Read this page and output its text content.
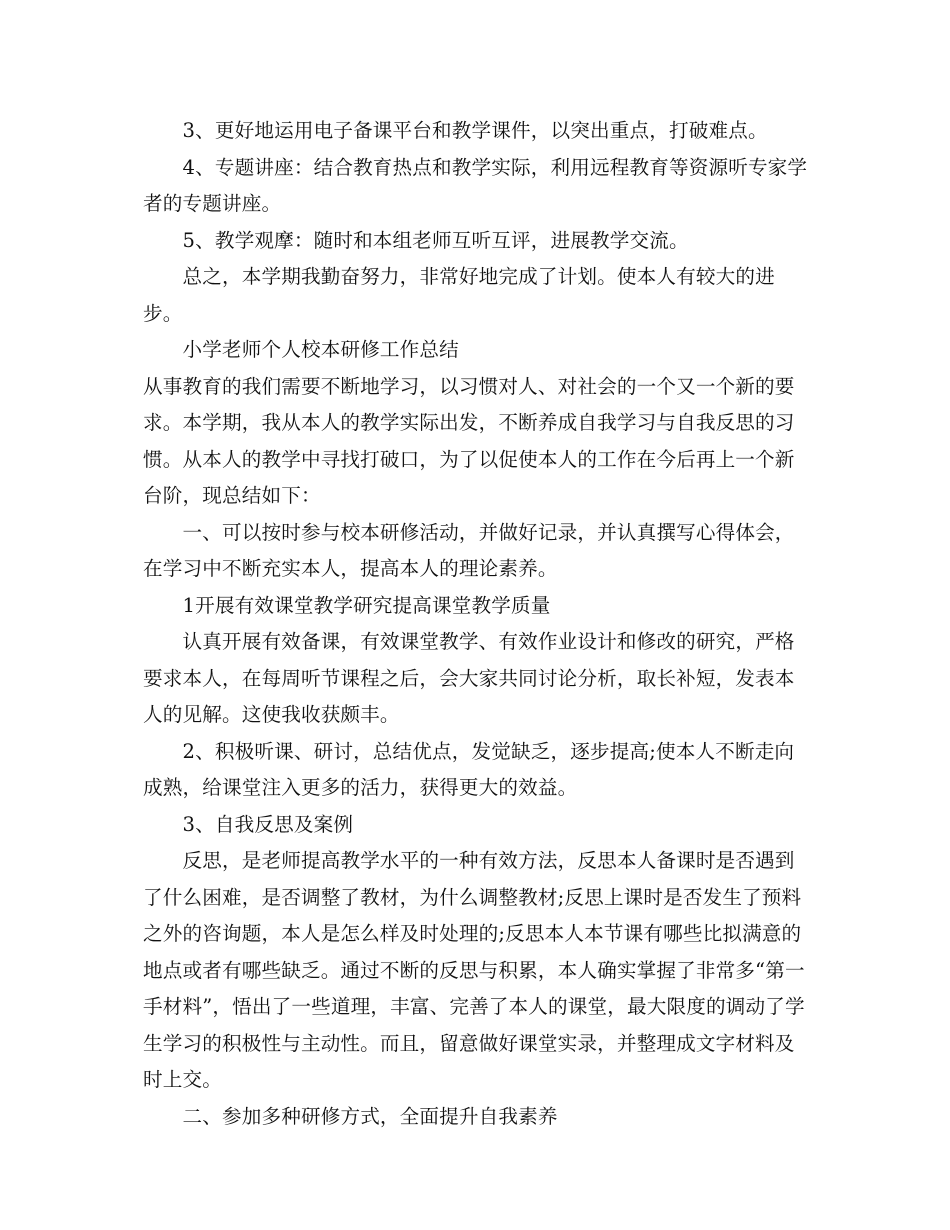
3、更好地运用电子备课平台和教学课件，以突出重点，打破难点。

4、专题讲座：结合教育热点和教学实际，利用远程教育等资源听专家学者的专题讲座。

5、教学观摩：随时和本组老师互听互评，进展教学交流。

总之，本学期我勤奋努力，非常好地完成了计划。使本人有较大的进步。

小学老师个人校本研修工作总结

从事教育的我们需要不断地学习，以习惯对人、对社会的一个又一个新的要求。本学期，我从本人的教学实际出发，不断养成自我学习与自我反思的习惯。从本人的教学中寻找打破口，为了以促使本人的工作在今后再上一个新台阶，现总结如下：

一、可以按时参与校本研修活动，并做好记录，并认真撰写心得体会，在学习中不断充实本人，提高本人的理论素养。

1开展有效课堂教学研究提高课堂教学质量

认真开展有效备课，有效课堂教学、有效作业设计和修改的研究，严格要求本人，在每周听节课程之后，会大家共同讨论分析，取长补短，发表本人的见解。这使我收获颇丰。

2、积极听课、研讨，总结优点，发觉缺乏，逐步提高;使本人不断走向成熟，给课堂注入更多的活力，获得更大的效益。

3、自我反思及案例

反思，是老师提高教学水平的一种有效方法，反思本人备课时是否遇到了什么困难，是否调整了教材，为什么调整教材;反思上课时是否发生了预料之外的咨询题，本人是怎么样及时处理的;反思本人本节课有哪些比拟满意的地点或者有哪些缺乏。通过不断的反思与积累，本人确实掌握了非常多“第一手材料”，悟出了一些道理，丰富、完善了本人的课堂，最大限度的调动了学生学习的积极性与主动性。而且，留意做好课堂实录，并整理成文字材料及时上交。

二、参加多种研修方式，全面提升自我素养
